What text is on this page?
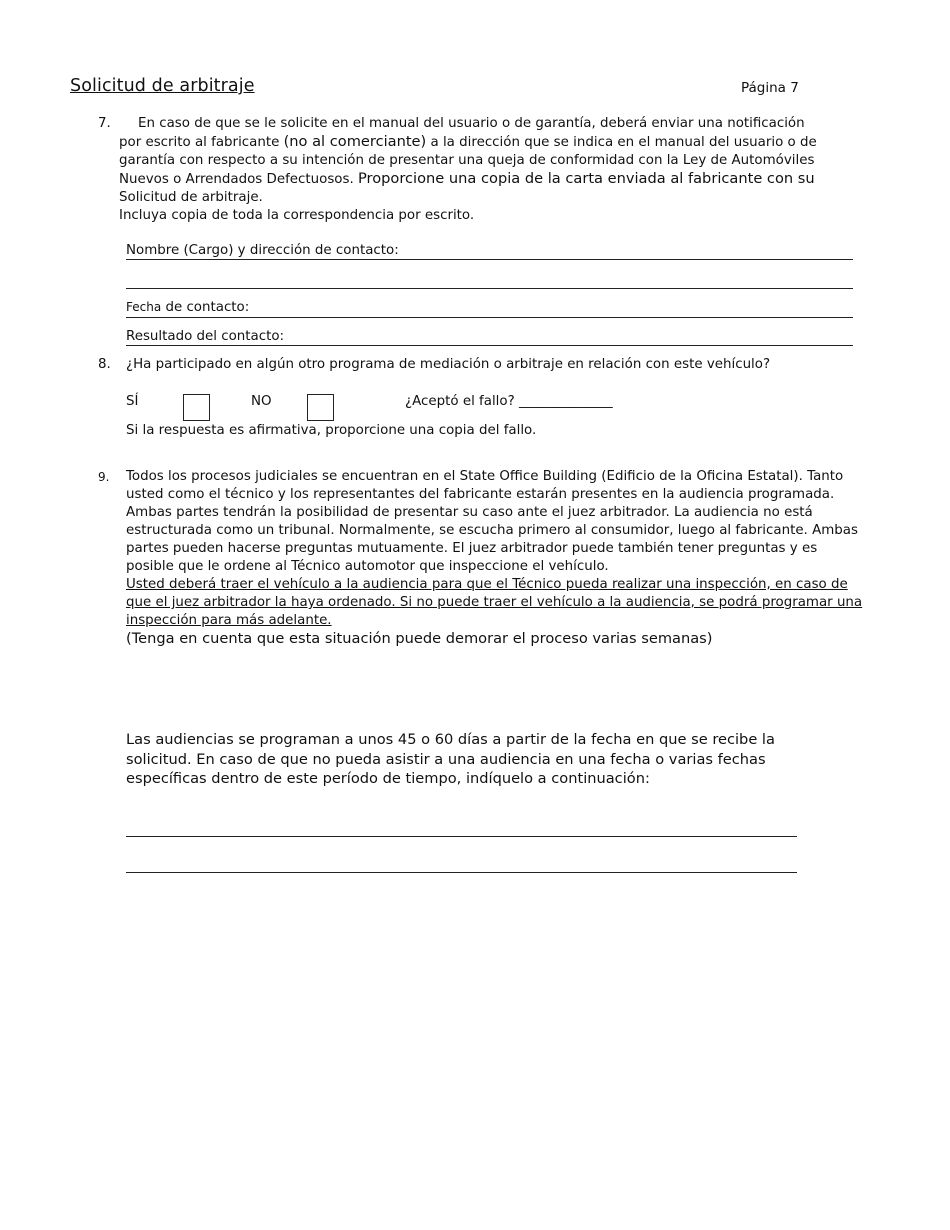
Solicitud de arbitraje	Página 7
7.	En caso de que se le solicite en el manual del usuario o de garantía, deberá enviar una notificación
por escrito al fabricante (no al comerciante) a la dirección que se indica en el manual del usuario o de
garantía con respecto a su intención de presentar una queja de conformidad con la Ley de Automóviles
Nuevos o Arrendados Defectuosos. Proporcione una copia de la carta enviada al fabricante con su
Solicitud de arbitraje.
Incluya copia de toda la correspondencia por escrito.
Nombre (Cargo) y dirección de contacto:
Fecha de contacto:
Resultado del contacto:
8. ¿Ha participado en algún otro programa de mediación o arbitraje en relación con este vehículo?
SÍ	NO	¿Aceptó el fallo? ______________
Si la respuesta es afirmativa, proporcione una copia del fallo.
9. Todos los procesos judiciales se encuentran en el State Office Building (Edificio de la Oficina Estatal). Tanto
usted como el técnico y los representantes del fabricante estarán presentes en la audiencia programada.
Ambas partes tendrán la posibilidad de presentar su caso ante el juez arbitrador. La audiencia no está
estructurada como un tribunal. Normalmente, se escucha primero al consumidor, luego al fabricante. Ambas
partes pueden hacerse preguntas mutuamente. El juez arbitrador puede también tener preguntas y es
posible que le ordene al Técnico automotor que inspeccione el vehículo.
Usted deberá traer el vehículo a la audiencia para que el Técnico pueda realizar una inspección, en caso de
que el juez arbitrador la haya ordenado. Si no puede traer el vehículo a la audiencia, se podrá programar una
inspección para más adelante.
(Tenga en cuenta que esta situación puede demorar el proceso varias semanas)
Las audiencias se programan a unos 45 o 60 días a partir de la fecha en que se recibe la
solicitud. En caso de que no pueda asistir a una audiencia en una fecha o varias fechas
específicas dentro de este período de tiempo, indíquelo a continuación:
